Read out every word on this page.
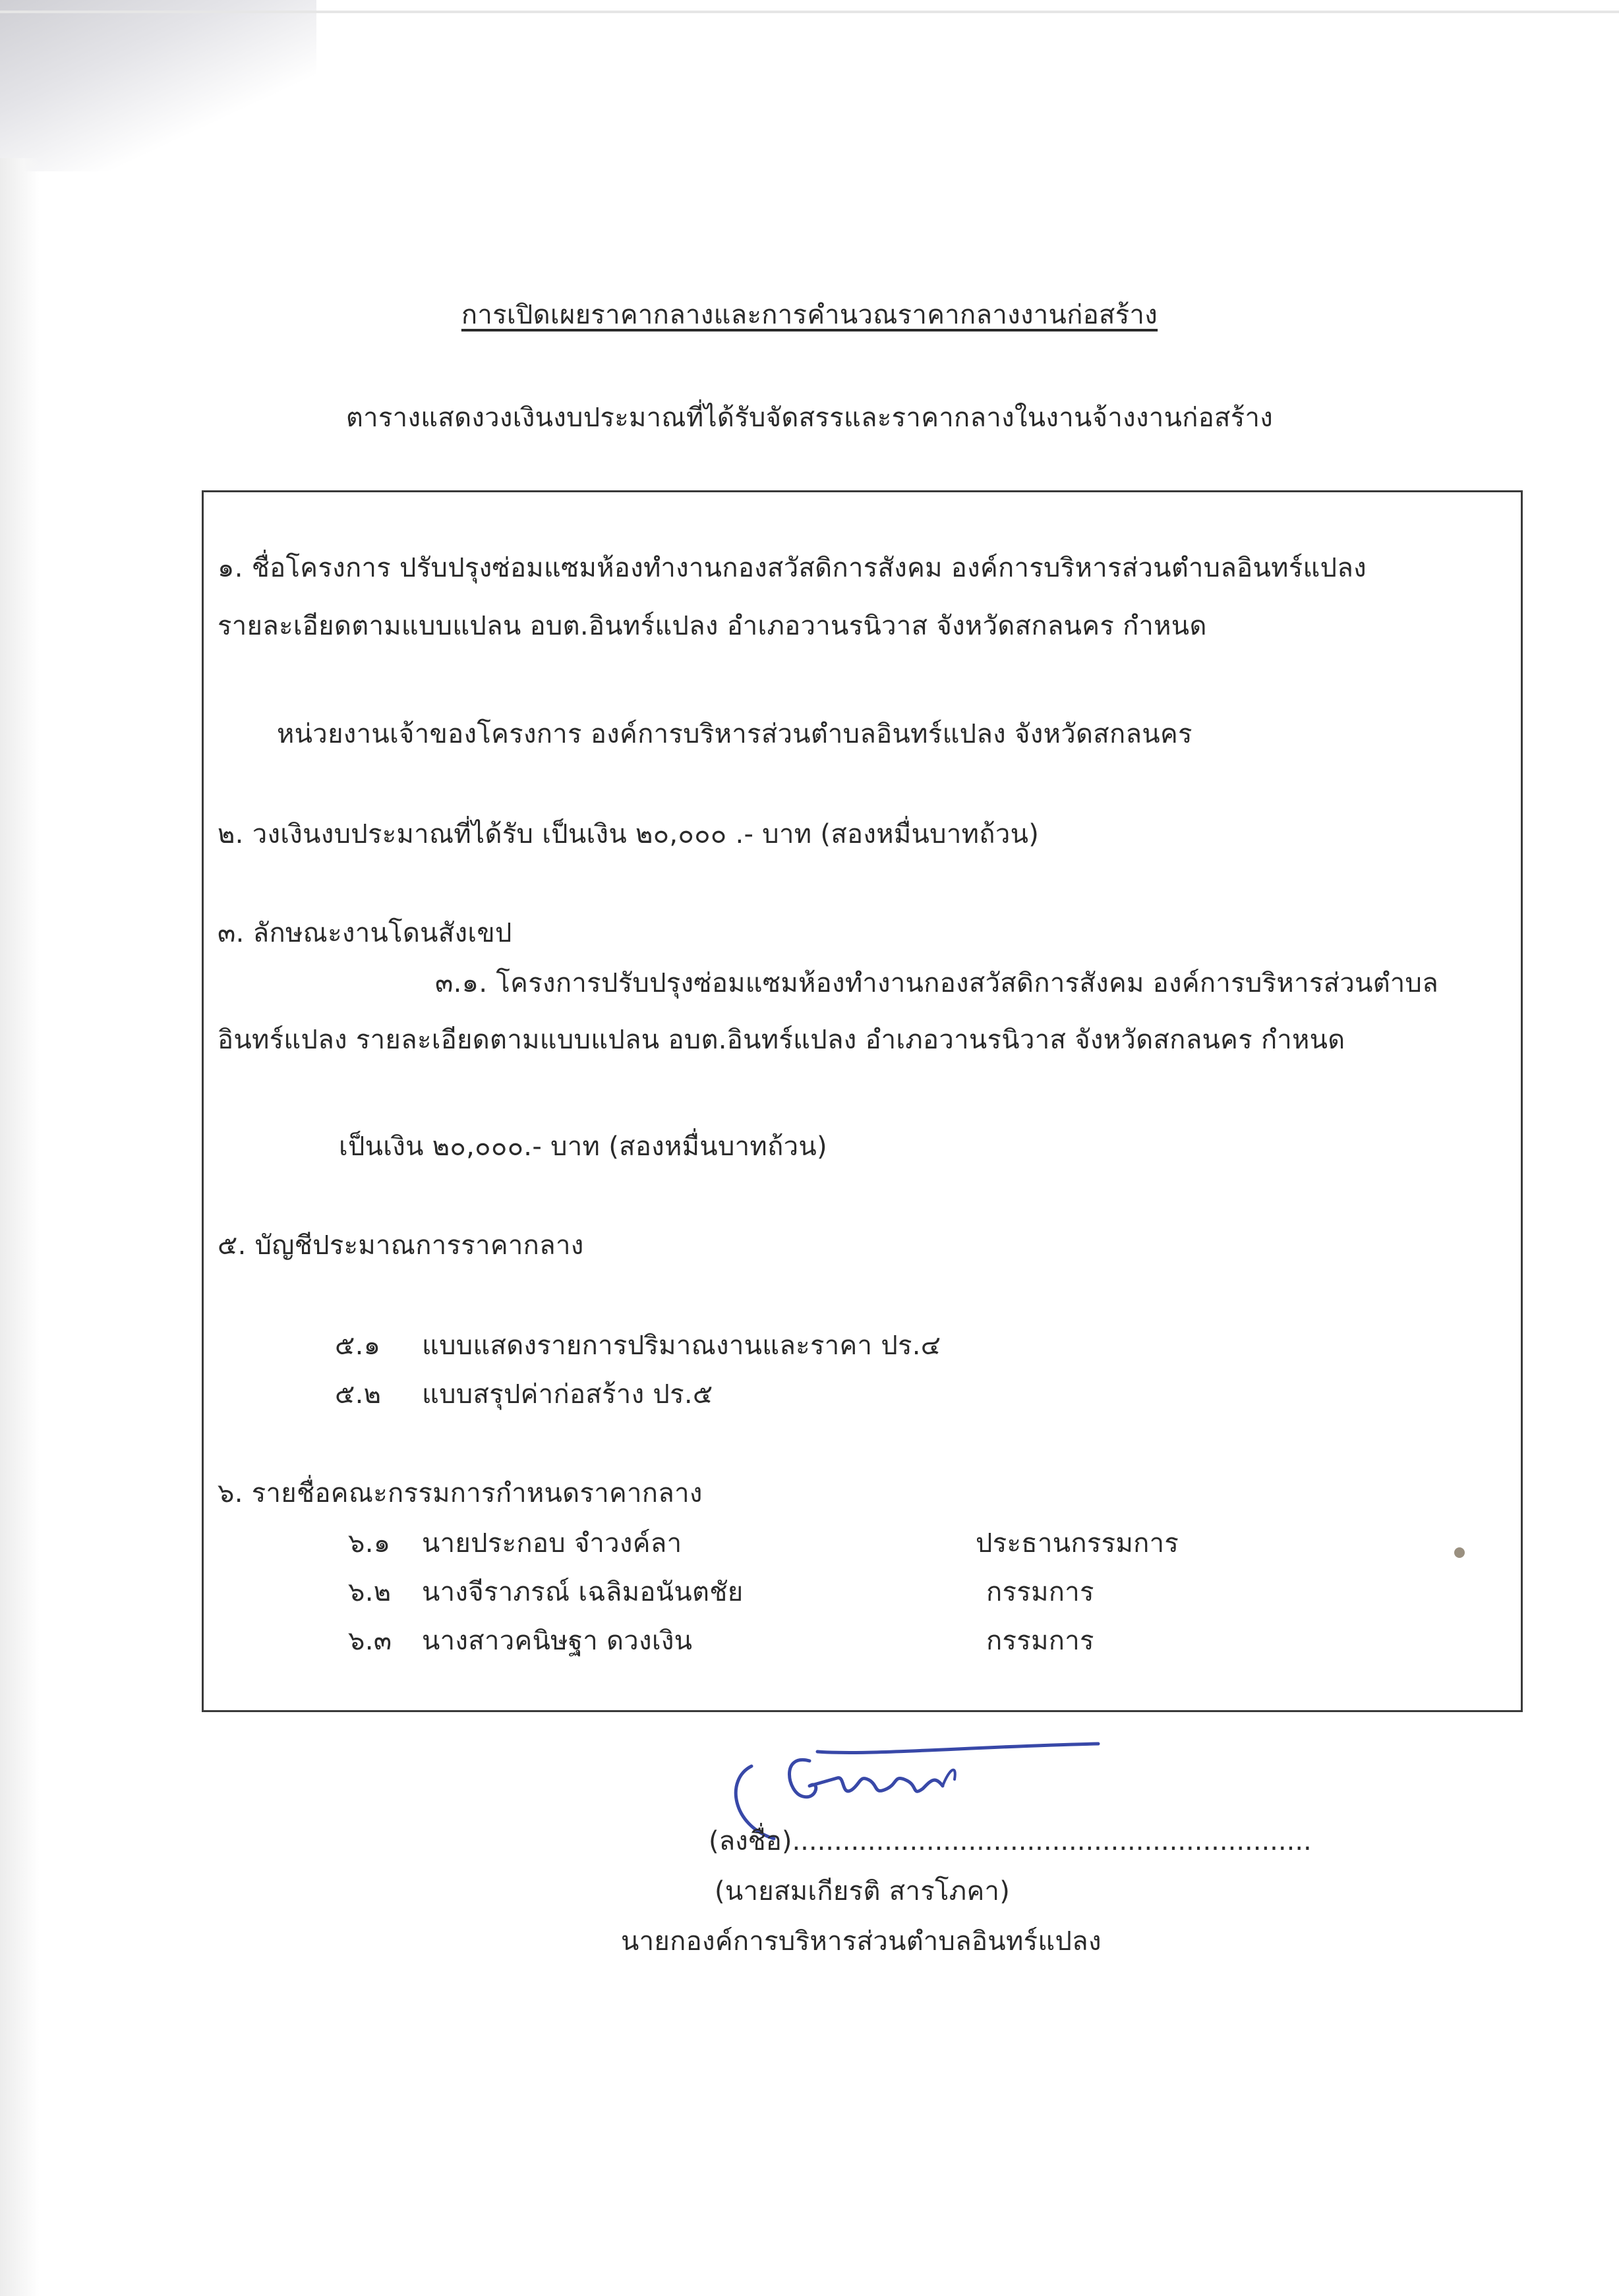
การเปิดเผยราคากลางและการคำนวณราคากลางงานก่อสร้าง
ตารางแสดงวงเงินงบประมาณที่ได้รับจัดสรรและราคากลางในงานจ้างงานก่อสร้าง
๑. ชื่อโครงการ ปรับปรุงซ่อมแซมห้องทำงานกองสวัสดิการสังคม องค์การบริหารส่วนตำบลอินทร์แปลง
รายละเอียดตามแบบแปลน อบต.อินทร์แปลง อำเภอวานรนิวาส จังหวัดสกลนคร กำหนด
หน่วยงานเจ้าของโครงการ องค์การบริหารส่วนตำบลอินทร์แปลง จังหวัดสกลนคร
๒. วงเงินงบประมาณที่ได้รับ เป็นเงิน ๒๐,๐๐๐ .- บาท (สองหมื่นบาทถ้วน)
๓. ลักษณะงานโดนสังเขป
๓.๑. โครงการปรับปรุงซ่อมแซมห้องทำงานกองสวัสดิการสังคม องค์การบริหารส่วนตำบล
อินทร์แปลง รายละเอียดตามแบบแปลน อบต.อินทร์แปลง อำเภอวานรนิวาส จังหวัดสกลนคร กำหนด
เป็นเงิน ๒๐,๐๐๐.- บาท (สองหมื่นบาทถ้วน)
๕. บัญชีประมาณการราคากลาง
๕.๑ แบบแสดงรายการปริมาณงานและราคา ปร.๔
๕.๒ แบบสรุปค่าก่อสร้าง ปร.๕
๖. รายชื่อคณะกรรมการกำหนดราคากลาง
๖.๑ นายประกอบ จำวงค์ลา	ประธานกรรมการ
๖.๒ นางจีราภรณ์ เฉลิมอนันตชัย	กรรมการ
๖.๓ นางสาวคนิษฐา ดวงเงิน	กรรมการ
(ลงชื่อ)..............................................................
(นายสมเกียรติ สารโภคา)
นายกองค์การบริหารส่วนตำบลอินทร์แปลง
